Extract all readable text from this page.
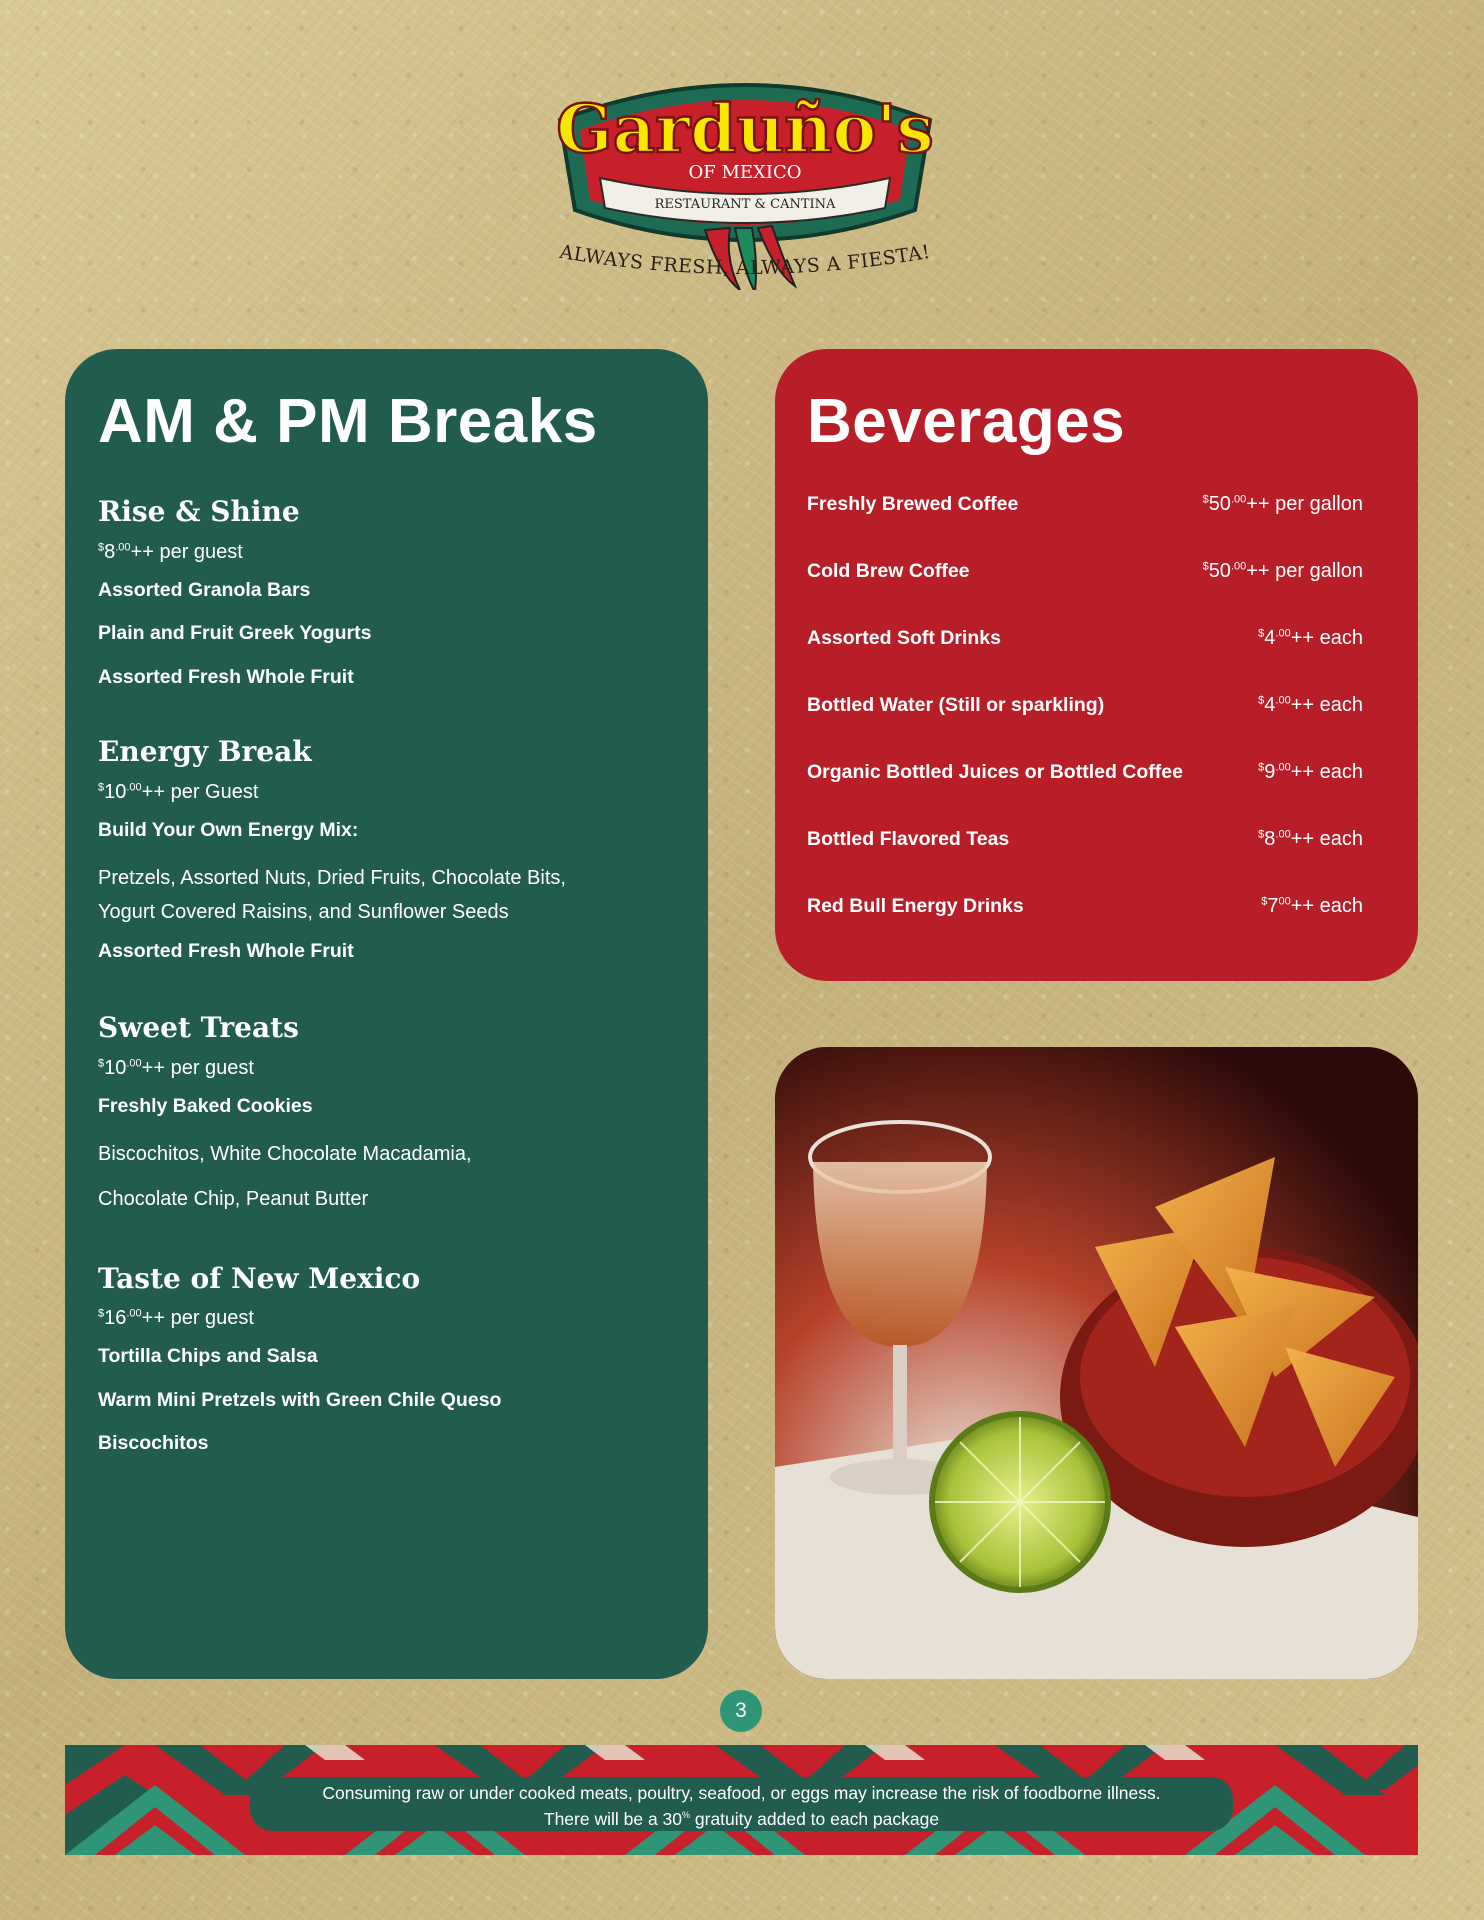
Garduño's
OF MEXICO
RESTAURANT & CANTINA
ALWAYS FRESH, ALWAYS A FIESTA!
AM & PM Breaks
Rise & Shine

$^{\$}8^{.00}++$ per guest

Assorted Granola Bars

Plain and Fruit Greek Yogurts

Assorted Fresh Whole Fruit

Energy Break

$^{\$}10^{.00}++$ per Guest

Build Your Own Energy Mix:

Pretzels, Assorted Nuts, Dried Fruits, Chocolate Bits,
Yogurt Covered Raisins, and Sunflower Seeds

Assorted Fresh Whole Fruit

Sweet Treats

$^{\$}10^{.00}++$ per guest

Freshly Baked Cookies

Biscochitos, White Chocolate Macadamia,
Chocolate Chip, Peanut Butter

Taste of New Mexico

$^{\$}16^{.00}++$ per guest

Tortilla Chips and Salsa

Warm Mini Pretzels with Green Chile Queso

Biscochitos

Beverages
Freshly Brewed Coffee	$^{\$}50^{.00}++$ per gallon
Cold Brew Coffee	$^{\$}50^{.00}++$ per gallon
Assorted Soft Drinks	$^{\$}4^{.00}++$ each
Bottled Water (Still or sparkling)	$^{\$}4^{.00}++$ each
Organic Bottled Juices or Bottled Coffee	$^{\$}9^{.00}++$ each
Bottled Flavored Teas	$^{\$}8^{.00}++$ each
Red Bull Energy Drinks	$^{\$}7^{00}++$ each
3
Consuming raw or under cooked meats, poultry, seafood, or eggs may increase the risk of foodborne illness.
There will be a 30% gratuity added to each package
